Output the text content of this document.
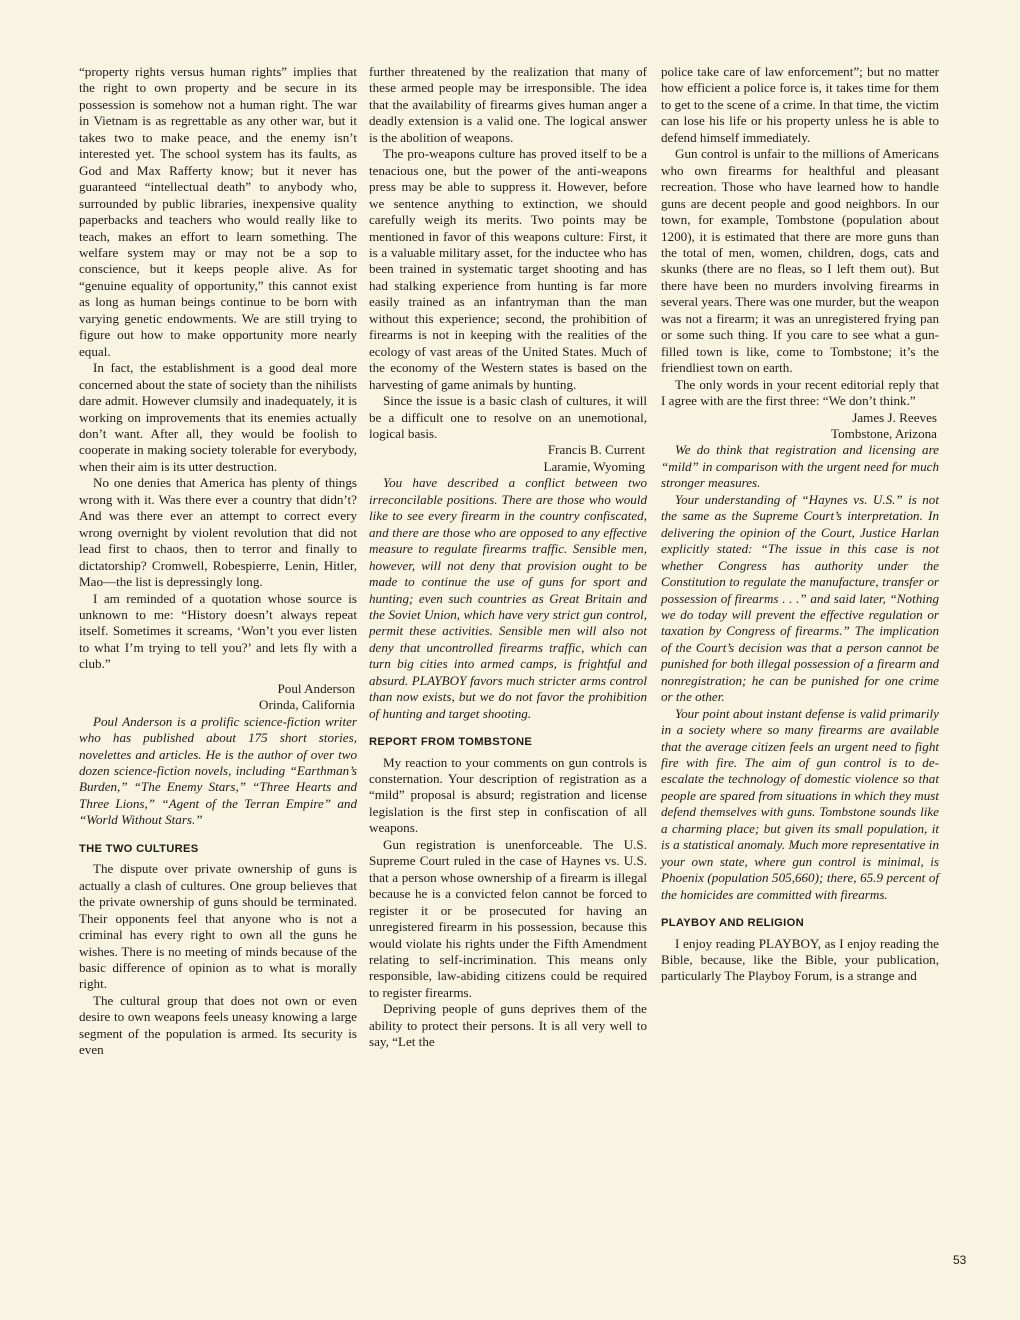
“property rights versus human rights” implies that the right to own property and be secure in its possession is somehow not a human right. The war in Vietnam is as regrettable as any other war, but it takes two to make peace, and the enemy isn’t interested yet. The school system has its faults, as God and Max Rafferty know; but it never has guaranteed “intellectual death” to anybody who, surrounded by public libraries, inexpensive quality paperbacks and teachers who would really like to teach, makes an effort to learn something. The welfare system may or may not be a sop to conscience, but it keeps people alive. As for “genuine equality of opportunity,” this cannot exist as long as human beings continue to be born with varying genetic endowments. We are still trying to figure out how to make opportunity more nearly equal.

In fact, the establishment is a good deal more concerned about the state of society than the nihilists dare admit. However clumsily and inadequately, it is working on improvements that its enemies actually don’t want. After all, they would be foolish to cooperate in making society tolerable for everybody, when their aim is its utter destruction.

No one denies that America has plenty of things wrong with it. Was there ever a country that didn’t? And was there ever an attempt to correct every wrong overnight by violent revolution that did not lead first to chaos, then to terror and finally to dictatorship? Cromwell, Robespierre, Lenin, Hitler, Mao—the list is depressingly long.

I am reminded of a quotation whose source is unknown to me: “History doesn’t always repeat itself. Sometimes it screams, ‘Won’t you ever listen to what I’m trying to tell you?’ and lets fly with a club.”

Poul Anderson
Orinda, California

Poul Anderson is a prolific science-fiction writer who has published about 175 short stories, novelettes and articles. He is the author of over two dozen science-fiction novels, including “Earthman’s Burden,” “The Enemy Stars,” “Three Hearts and Three Lions,” “Agent of the Terran Empire” and “World Without Stars.”

THE TWO CULTURES

The dispute over private ownership of guns is actually a clash of cultures. One group believes that the private ownership of guns should be terminated. Their opponents feel that anyone who is not a criminal has every right to own all the guns he wishes. There is no meeting of minds because of the basic difference of opinion as to what is morally right.

The cultural group that does not own or even desire to own weapons feels uneasy knowing a large segment of the population is armed. Its security is even

further threatened by the realization that many of these armed people may be irresponsible. The idea that the availability of firearms gives human anger a deadly extension is a valid one. The logical answer is the abolition of weapons.

The pro-weapons culture has proved itself to be a tenacious one, but the power of the anti-weapons press may be able to suppress it. However, before we sentence anything to extinction, we should carefully weigh its merits. Two points may be mentioned in favor of this weapons culture: First, it is a valuable military asset, for the inductee who has been trained in systematic target shooting and has had stalking experience from hunting is far more easily trained as an infantryman than the man without this experience; second, the prohibition of firearms is not in keeping with the realities of the ecology of vast areas of the United States. Much of the economy of the Western states is based on the harvesting of game animals by hunting.

Since the issue is a basic clash of cultures, it will be a difficult one to resolve on an unemotional, logical basis.

Francis B. Current
Laramie, Wyoming

You have described a conflict between two irreconcilable positions. There are those who would like to see every firearm in the country confiscated, and there are those who are opposed to any effective measure to regulate firearms traffic. Sensible men, however, will not deny that provision ought to be made to continue the use of guns for sport and hunting; even such countries as Great Britain and the Soviet Union, which have very strict gun control, permit these activities. Sensible men will also not deny that uncontrolled firearms traffic, which can turn big cities into armed camps, is frightful and absurd. PLAYBOY favors much stricter arms control than now exists, but we do not favor the prohibition of hunting and target shooting.

REPORT FROM TOMBSTONE

My reaction to your comments on gun controls is consternation. Your description of registration as a “mild” proposal is absurd; registration and license legislation is the first step in confiscation of all weapons.

Gun registration is unenforceable. The U.S. Supreme Court ruled in the case of Haynes vs. U.S. that a person whose ownership of a firearm is illegal because he is a convicted felon cannot be forced to register it or be prosecuted for having an unregistered firearm in his possession, because this would violate his rights under the Fifth Amendment relating to self-incrimination. This means only responsible, law-abiding citizens could be required to register firearms.

Depriving people of guns deprives them of the ability to protect their persons. It is all very well to say, “Let the

police take care of law enforcement”; but no matter how efficient a police force is, it takes time for them to get to the scene of a crime. In that time, the victim can lose his life or his property unless he is able to defend himself immediately.

Gun control is unfair to the millions of Americans who own firearms for healthful and pleasant recreation. Those who have learned how to handle guns are decent people and good neighbors. In our town, for example, Tombstone (population about 1200), it is estimated that there are more guns than the total of men, women, children, dogs, cats and skunks (there are no fleas, so I left them out). But there have been no murders involving firearms in several years. There was one murder, but the weapon was not a firearm; it was an unregistered frying pan or some such thing. If you care to see what a gun-filled town is like, come to Tombstone; it’s the friendliest town on earth.

The only words in your recent editorial reply that I agree with are the first three: “We don’t think.”

James J. Reeves
Tombstone, Arizona

We do think that registration and licensing are “mild” in comparison with the urgent need for much stronger measures.

Your understanding of “Haynes vs. U.S.” is not the same as the Supreme Court’s interpretation. In delivering the opinion of the Court, Justice Harlan explicitly stated: “The issue in this case is not whether Congress has authority under the Constitution to regulate the manufacture, transfer or possession of firearms . . .” and said later, “Nothing we do today will prevent the effective regulation or taxation by Congress of firearms.” The implication of the Court’s decision was that a person cannot be punished for both illegal possession of a firearm and nonregistration; he can be punished for one crime or the other.

Your point about instant defense is valid primarily in a society where so many firearms are available that the average citizen feels an urgent need to fight fire with fire. The aim of gun control is to de-escalate the technology of domestic violence so that people are spared from situations in which they must defend themselves with guns. Tombstone sounds like a charming place; but given its small population, it is a statistical anomaly. Much more representative in your own state, where gun control is minimal, is Phoenix (population 505,660); there, 65.9 percent of the homicides are committed with firearms.

PLAYBOY AND RELIGION

I enjoy reading PLAYBOY, as I enjoy reading the Bible, because, like the Bible, your publication, particularly The Playboy Forum, is a strange and

53
